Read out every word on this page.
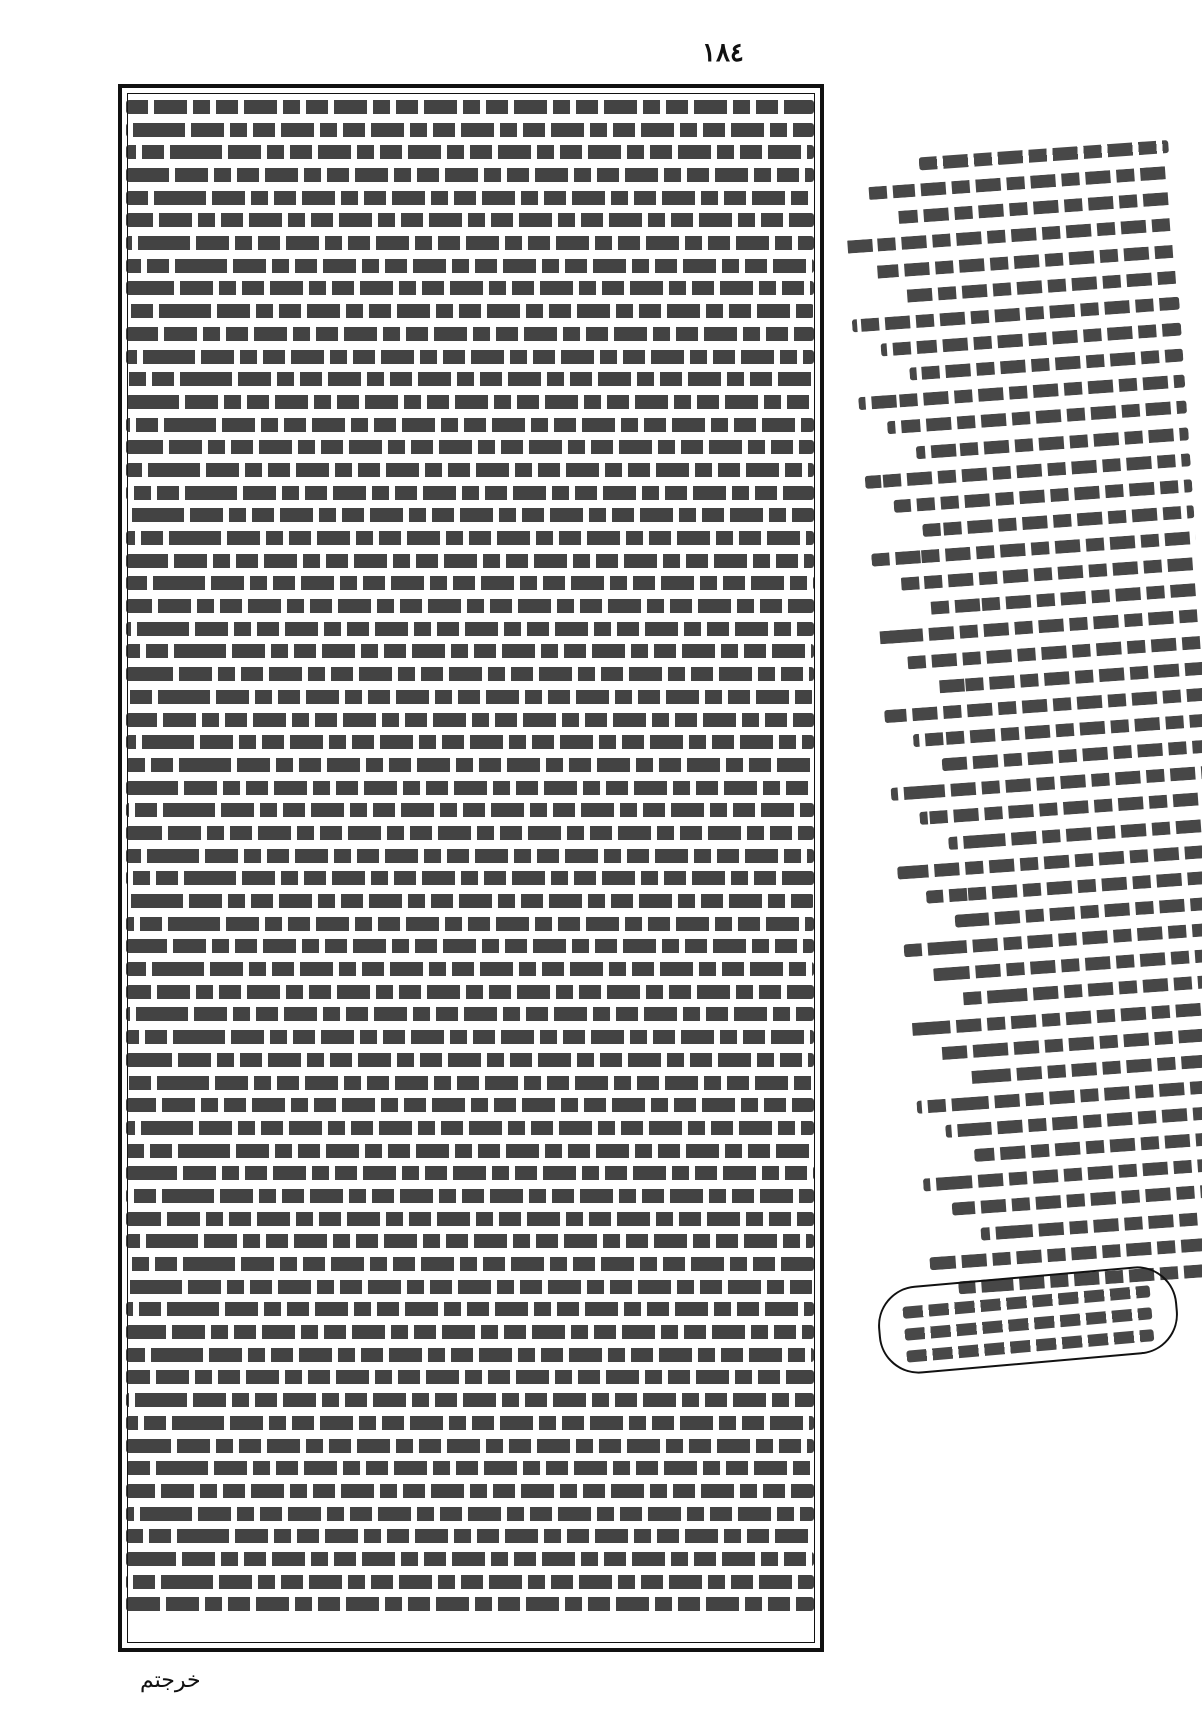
١٨٤
خرجتم
